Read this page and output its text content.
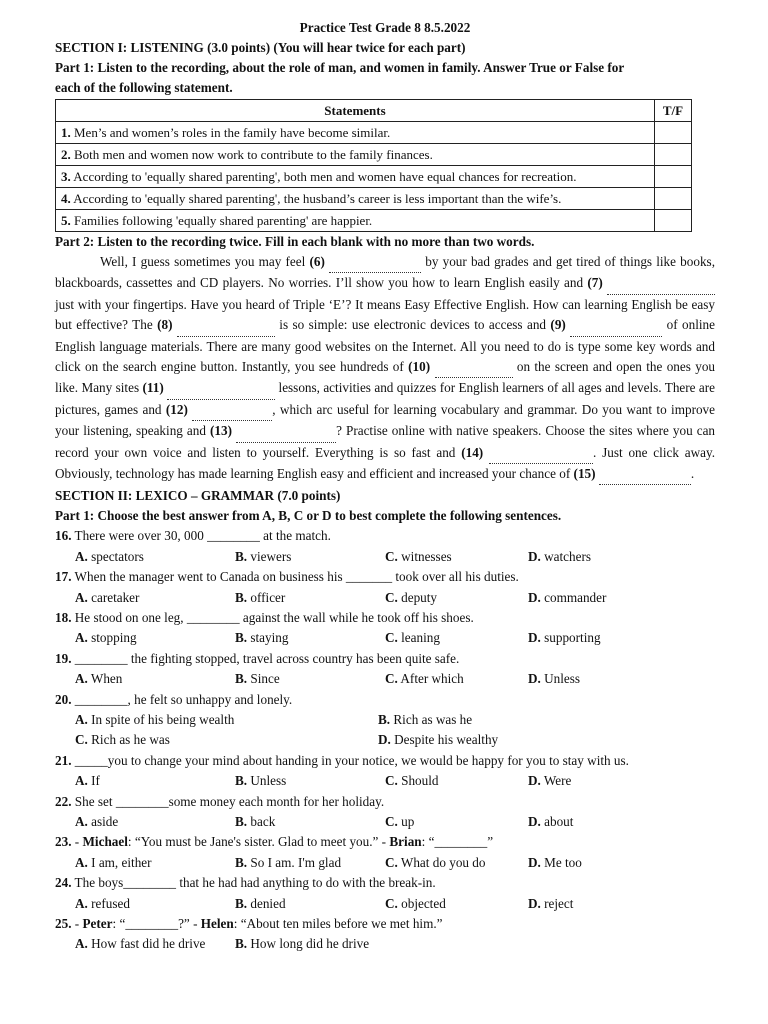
Practice Test Grade 8 8.5.2022
SECTION I: LISTENING (3.0 points) (You will hear twice for each part)
Part 1: Listen to the recording, about the role of man, and women in family. Answer True or False for
each of the following statement.
Statements	T/F
1. Men’s and women’s roles in the family have become similar.	
2. Both men and women now work to contribute to the family finances.	
3. According to 'equally shared parenting', both men and women have equal chances for recreation.	
4. According to 'equally shared parenting', the husband’s career is less important than the wife’s.	
5. Families following 'equally shared parenting' are happier.	
Part 2: Listen to the recording twice. Fill in each blank with no more than two words.
Well, I guess sometimes you may feel (6)	by your bad grades and get tired of things like books, blackboards, cassettes and CD players. No worries. I’ll show you how to learn English easily and (7)   just with your fingertips. Have you heard of Triple ‘E’? It means Easy Effective English. How can learning English be easy but effective? The (8)	is so simple: use electronic devices to access and (9)	of online English language materials. There are many good websites on the Internet. All you need to do is type some key words and click on the search engine button. Instantly, you see hundreds of (10)	on the screen and open the ones you like. Many sites (11)	lessons, activities and quizzes for English learners of all ages and levels. There are pictures, games and (12)	, which arc useful for learning vocabulary and grammar. Do you want to improve your listening, speaking and (13)	? Practise online with native speakers. Choose the sites where you can record your own voice and listen to yourself. Everything is so fast and (14)	. Just one click away. Obviously, technology has made learning English easy and efficient and increased your chance of (15)	.
SECTION II: LEXICO – GRAMMAR (7.0 points)
Part 1: Choose the best answer from A, B, C or D to best complete the following sentences.
16. There were over 30, 000 ________ at the match.
A. spectators	B. viewers	C. witnesses	D. watchers
17. When the manager went to Canada on business his _______ took over all his duties.
A. caretaker	B. officer	C. deputy	D. commander
18. He stood on one leg, ________ against the wall while he took off his shoes.
A. stopping	B. staying	C. leaning	D. supporting
19. ________ the fighting stopped, travel across country has been quite safe.
A. When	B. Since	C. After which	D. Unless
20. ________, he felt so unhappy and lonely.
A. In spite of his being wealth	B. Rich as was he
C. Rich as he was	D. Despite his wealthy
21. _____you to change your mind about handing in your notice, we would be happy for you to stay with us.
A. If	B. Unless	C. Should	D. Were
22. She set ________some money each month for her holiday.
A. aside	B. back	C. up	D. about
23. - Michael: “You must be Jane's sister. Glad to meet you.” - Brian: “________”
A. I am, either	B. So I am. I'm glad	C. What do you do	D. Me too
24. The boys________ that he had had anything to do with the break-in.
A. refused	B. denied	C. objected	D. reject
25. - Peter: “________?” - Helen: “About ten miles before we met him.”
A. How fast did he drive B. How long did he drive
